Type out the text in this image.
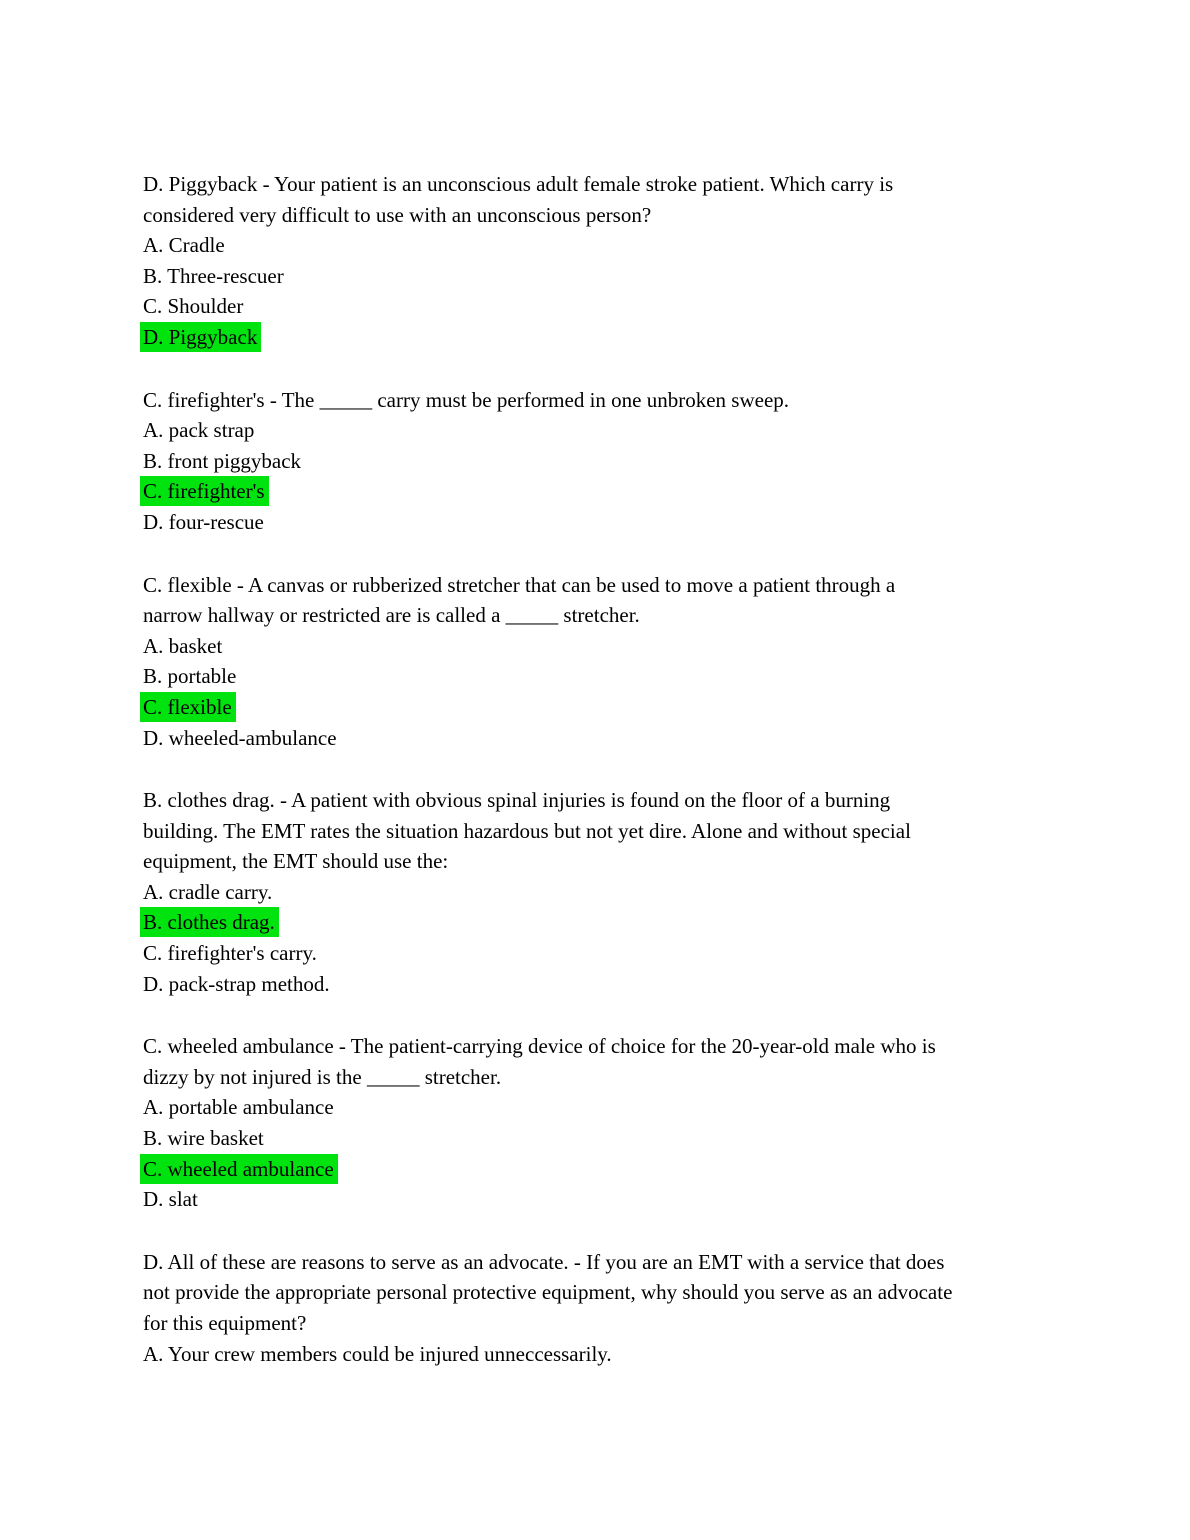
D. Piggyback - Your patient is an unconscious adult female stroke patient. Which carry is

considered very difficult to use with an unconscious person?

A. Cradle

B. Three-rescuer

C. Shoulder

D. Piggyback

C. firefighter's - The _____ carry must be performed in one unbroken sweep.

A. pack strap

B. front piggyback

C. firefighter's

D. four-rescue

C. flexible - A canvas or rubberized stretcher that can be used to move a patient through a

narrow hallway or restricted are is called a _____ stretcher.

A. basket

B. portable

C. flexible

D. wheeled-ambulance

B. clothes drag. - A patient with obvious spinal injuries is found on the floor of a burning

building. The EMT rates the situation hazardous but not yet dire. Alone and without special

equipment, the EMT should use the:

A. cradle carry.

B. clothes drag.

C. firefighter's carry.

D. pack-strap method.

C. wheeled ambulance - The patient-carrying device of choice for the 20-year-old male who is

dizzy by not injured is the _____ stretcher.

A. portable ambulance

B. wire basket

C. wheeled ambulance

D. slat

D. All of these are reasons to serve as an advocate. - If you are an EMT with a service that does

not provide the appropriate personal protective equipment, why should you serve as an advocate

for this equipment?

A. Your crew members could be injured unneccessarily.
